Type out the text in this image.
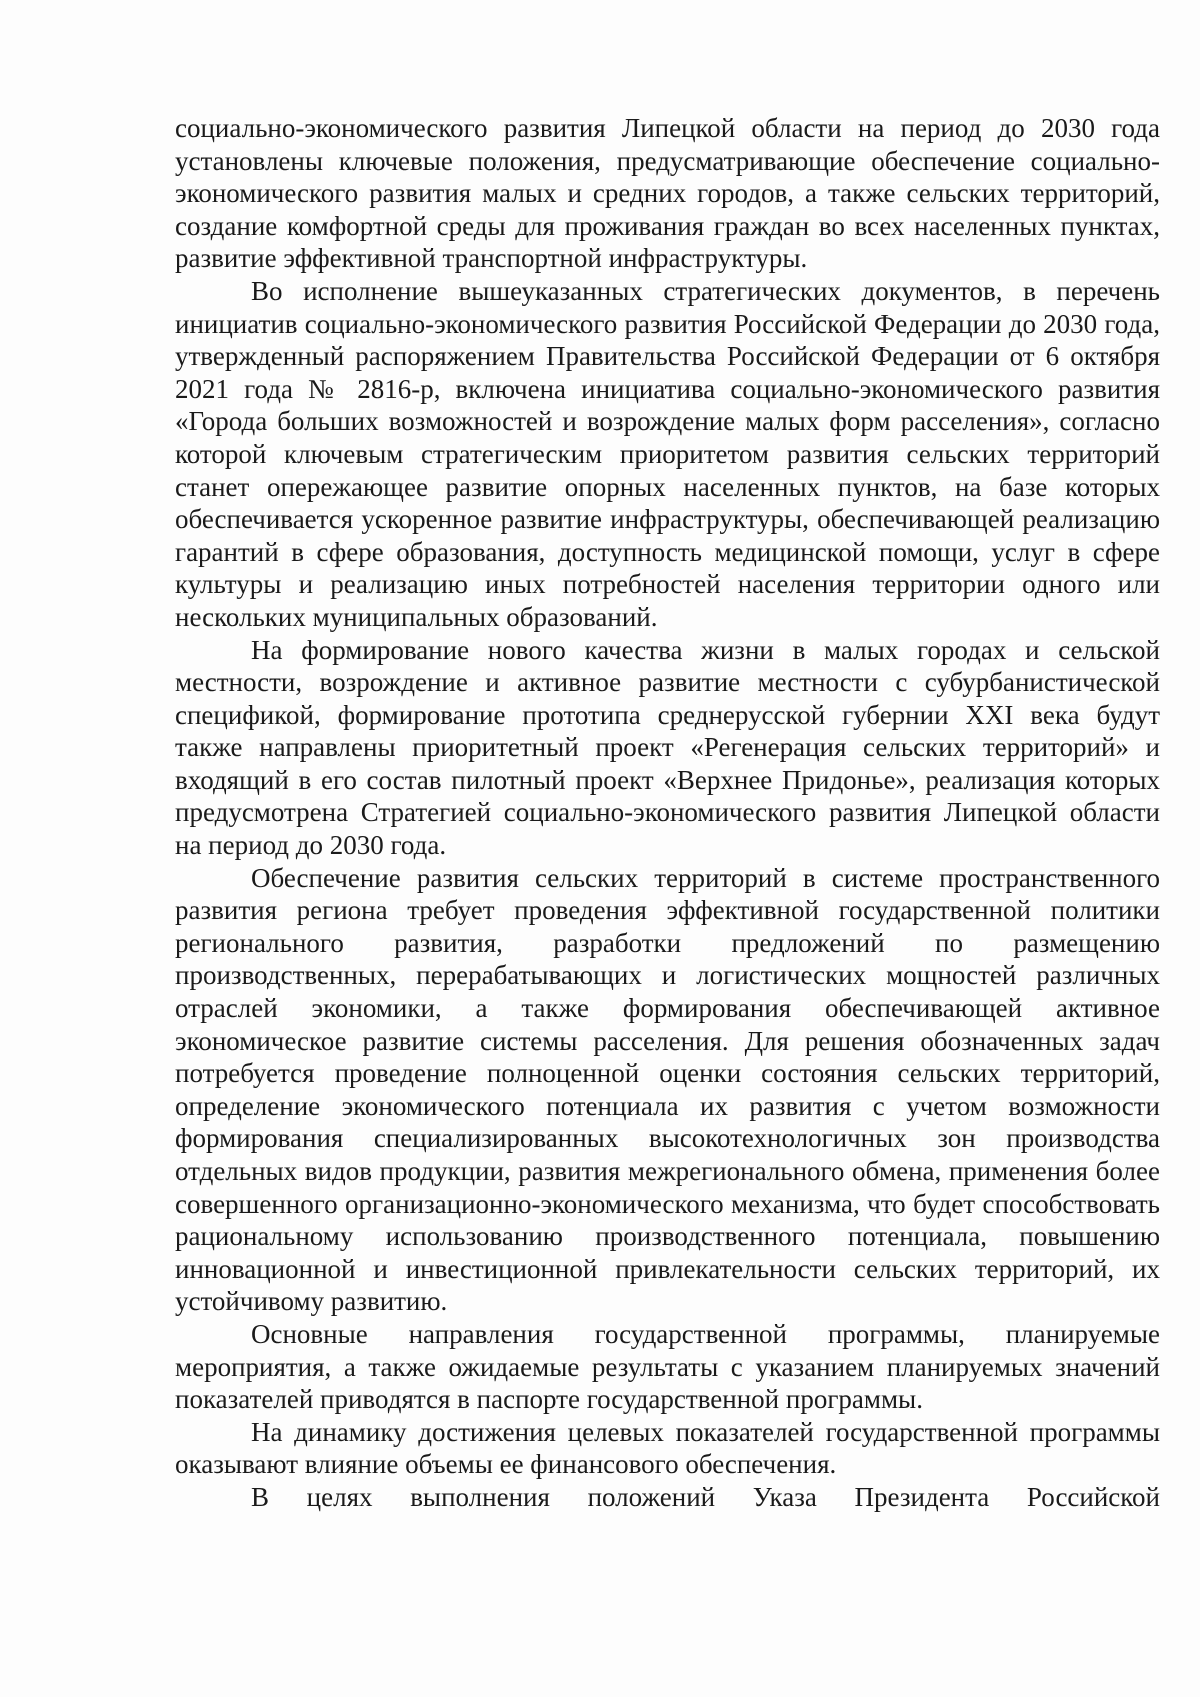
социально-экономического развития Липецкой области на период до 2030 года установлены ключевые положения, предусматривающие обеспечение социально-экономического развития малых и средних городов, а также сельских территорий, создание комфортной среды для проживания граждан во всех населенных пунктах, развитие эффективной транспортной инфраструктуры.

Во исполнение вышеуказанных стратегических документов, в перечень инициатив социально-экономического развития Российской Федерации до 2030 года, утвержденный распоряжением Правительства Российской Федерации от 6 октября 2021 года № 2816-р, включена инициатива социально-экономического развития «Города больших возможностей и возрождение малых форм расселения», согласно которой ключевым стратегическим приоритетом развития сельских территорий станет опережающее развитие опорных населенных пунктов, на базе которых обеспечивается ускоренное развитие инфраструктуры, обеспечивающей реализацию гарантий в сфере образования, доступность медицинской помощи, услуг в сфере культуры и реализацию иных потребностей населения территории одного или нескольких муниципальных образований.

На формирование нового качества жизни в малых городах и сельской местности, возрождение и активное развитие местности с субурбанистической спецификой, формирование прототипа среднерусской губернии XXI века будут также направлены приоритетный проект «Регенерация сельских территорий» и входящий в его состав пилотный проект «Верхнее Придонье», реализация которых предусмотрена Стратегией социально-экономического развития Липецкой области на период до 2030 года.

Обеспечение развития сельских территорий в системе пространственного развития региона требует проведения эффективной государственной политики регионального развития, разработки предложений по размещению производственных, перерабатывающих и логистических мощностей различных отраслей экономики, а также формирования обеспечивающей активное экономическое развитие системы расселения. Для решения обозначенных задач потребуется проведение полноценной оценки состояния сельских территорий, определение экономического потенциала их развития с учетом возможности формирования специализированных высокотехнологичных зон производства отдельных видов продукции, развития межрегионального обмена, применения более совершенного организационно-экономического механизма, что будет способствовать рациональному использованию производственного потенциала, повышению инновационной и инвестиционной привлекательности сельских территорий, их устойчивому развитию.

Основные направления государственной программы, планируемые мероприятия, а также ожидаемые результаты с указанием планируемых значений показателей приводятся в паспорте государственной программы.

На динамику достижения целевых показателей государственной программы оказывают влияние объемы ее финансового обеспечения.

В целях выполнения положений Указа Президента Российской
